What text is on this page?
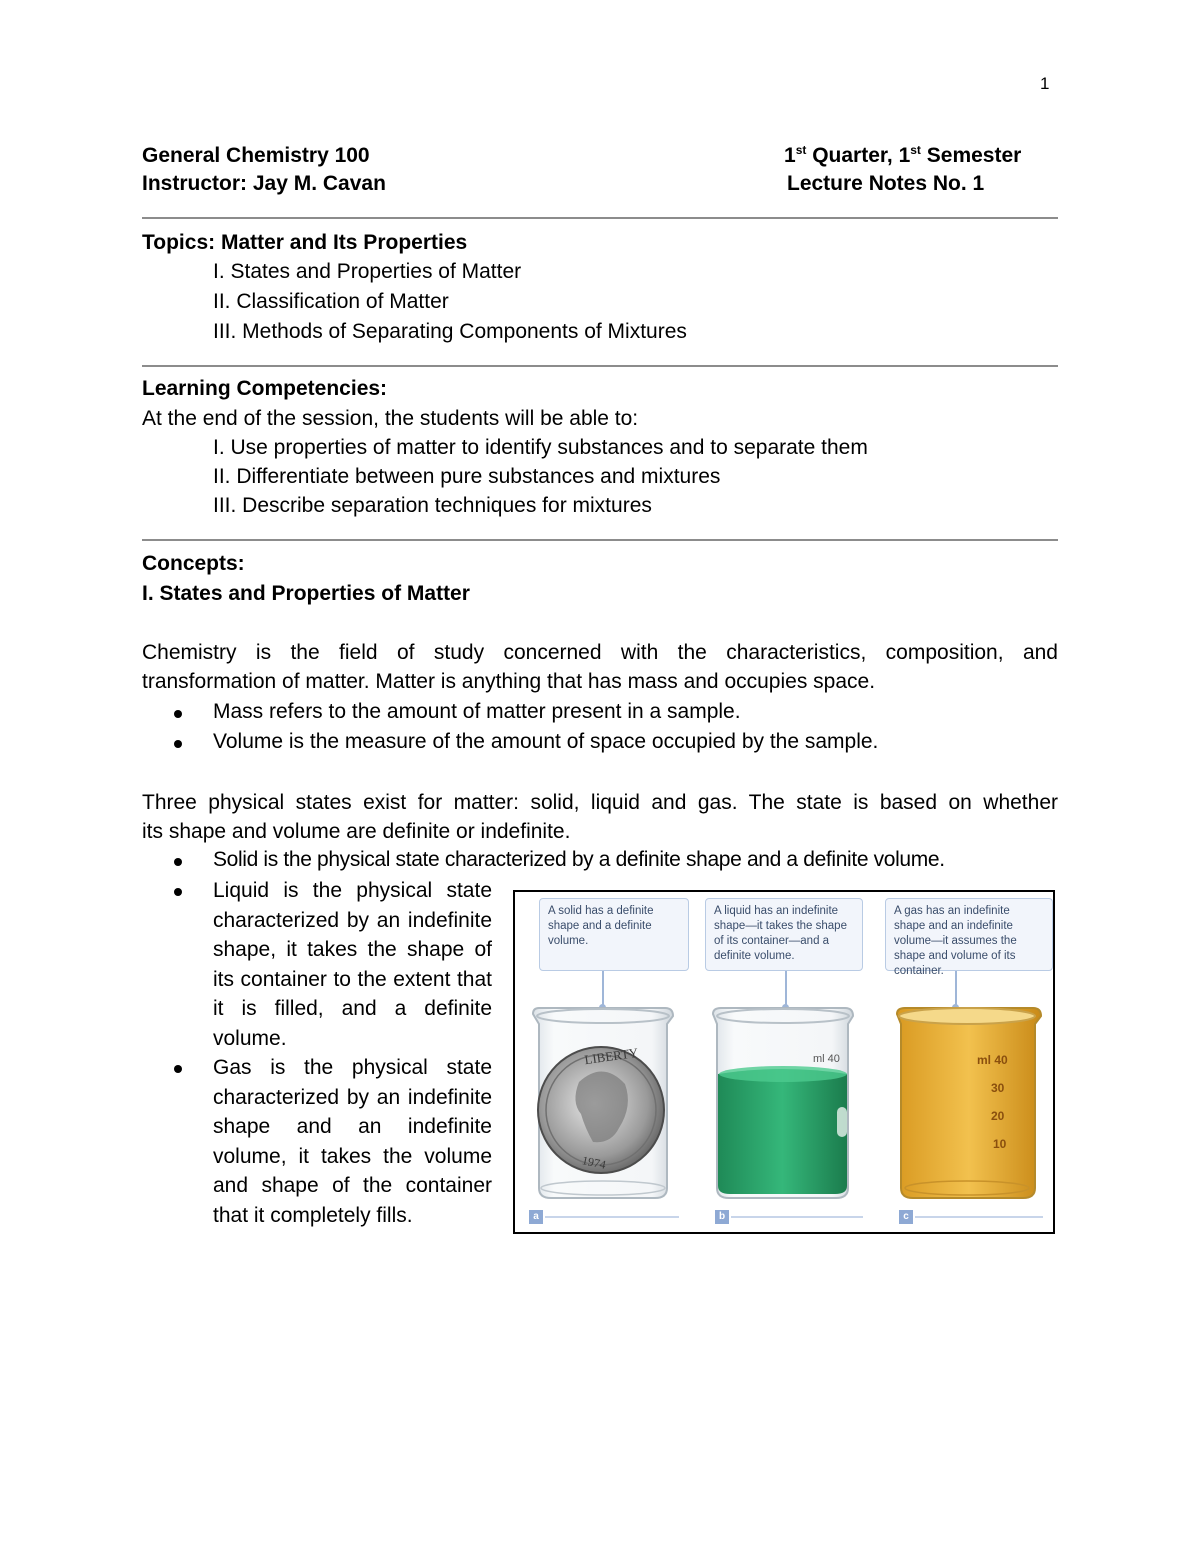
1
General Chemistry 100
Instructor: Jay M. Cavan
1st Quarter, 1st Semester
Lecture Notes No. 1
Topics: Matter and Its Properties
I. States and Properties of Matter
II. Classification of Matter
III. Methods of Separating Components of Mixtures
Learning Competencies:
At the end of the session, the students will be able to:
I. Use properties of matter to identify substances and to separate them
II. Differentiate between pure substances and mixtures
III. Describe separation techniques for mixtures
Concepts:
I. States and Properties of Matter
Chemistry is the field of study concerned with the characteristics, composition, and
transformation of matter. Matter is anything that has mass and occupies space.
Mass refers to the amount of matter present in a sample.
Volume is the measure of the amount of space occupied by the sample.
Three physical states exist for matter: solid, liquid and gas. The state is based on whether
its shape and volume are definite or indefinite.
Solid is the physical state characterized by a definite shape and a definite volume.
Liquid is the physical state characterized by an indefinite shape, it takes the shape of its container to the extent that it is filled, and a definite volume.
Gas is the physical state characterized by an indefinite shape and an indefinite volume, it takes the volume and shape of the container that it completely fills.
A solid has a definite shape and a definite volume.
A liquid has an indefinite shape—it takes the shape of its container—and a definite volume.
A gas has an indefinite shape and an indefinite volume—it assumes the shape and volume of its container.
LIBERTY
1974
ml 40	ml 40
30
20
10
a	b	c
